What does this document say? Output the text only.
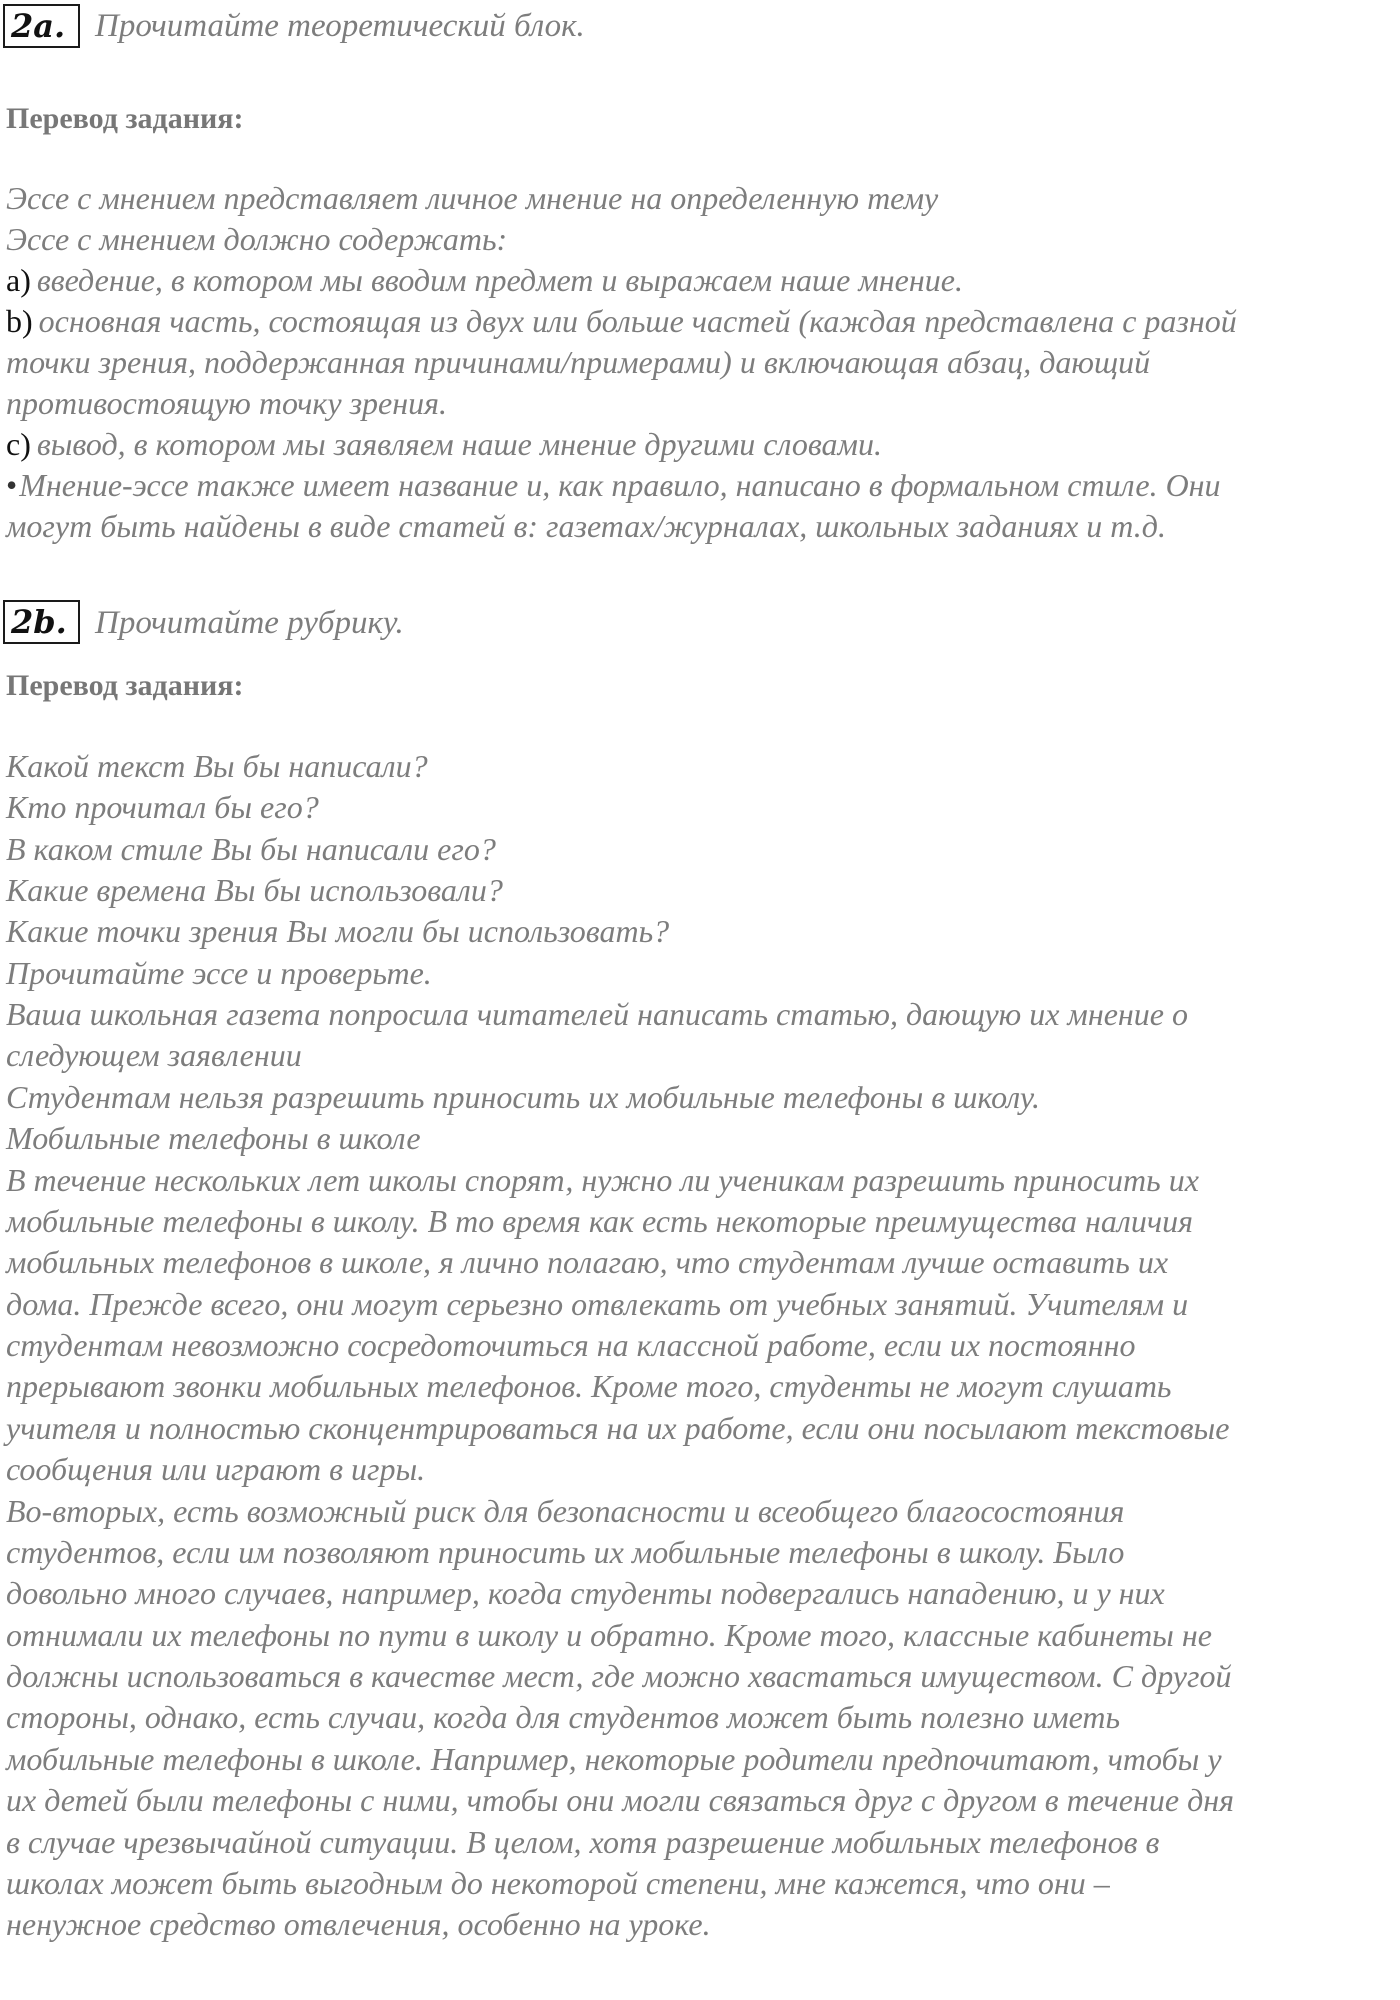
2a. Прочитайте теоретический блок.
Перевод задания:
Эссе с мнением представляет личное мнение на определенную тему
Эссе с мнением должно содержать:
a) введение, в котором мы вводим предмет и выражаем наше мнение.
b) основная часть, состоящая из двух или больше частей (каждая представлена с разной
точки зрения, поддержанная причинами/примерами) и включающая абзац, дающий
противостоящую точку зрения.
c) вывод, в котором мы заявляем наше мнение другими словами.
•Мнение-эссе также имеет название и, как правило, написано в формальном стиле. Они
могут быть найдены в виде статей в: газетах/журналах, школьных заданиях и т.д.
2b. Прочитайте рубрику.
Перевод задания:
Какой текст Вы бы написали?
Кто прочитал бы его?
В каком стиле Вы бы написали его?
Какие времена Вы бы использовали?
Какие точки зрения Вы могли бы использовать?
Прочитайте эссе и проверьте.
Ваша школьная газета попросила читателей написать статью, дающую их мнение о
следующем заявлении
Студентам нельзя разрешить приносить их мобильные телефоны в школу.
Мобильные телефоны в школе
В течение нескольких лет школы спорят, нужно ли ученикам разрешить приносить их
мобильные телефоны в школу. В то время как есть некоторые преимущества наличия
мобильных телефонов в школе, я лично полагаю, что студентам лучше оставить их
дома. Прежде всего, они могут серьезно отвлекать от учебных занятий. Учителям и
студентам невозможно сосредоточиться на классной работе, если их постоянно
прерывают звонки мобильных телефонов. Кроме того, студенты не могут слушать
учителя и полностью сконцентрироваться на их работе, если они посылают текстовые
сообщения или играют в игры.
Во-вторых, есть возможный риск для безопасности и всеобщего благосостояния
студентов, если им позволяют приносить их мобильные телефоны в школу. Было
довольно много случаев, например, когда студенты подвергались нападению, и у них
отнимали их телефоны по пути в школу и обратно. Кроме того, классные кабинеты не
должны использоваться в качестве мест, где можно хвастаться имуществом. С другой
стороны, однако, есть случаи, когда для студентов может быть полезно иметь
мобильные телефоны в школе. Например, некоторые родители предпочитают, чтобы у
их детей были телефоны с ними, чтобы они могли связаться друг с другом в течение дня
в случае чрезвычайной ситуации. В целом, хотя разрешение мобильных телефонов в
школах может быть выгодным до некоторой степени, мне кажется, что они –
ненужное средство отвлечения, особенно на уроке.
